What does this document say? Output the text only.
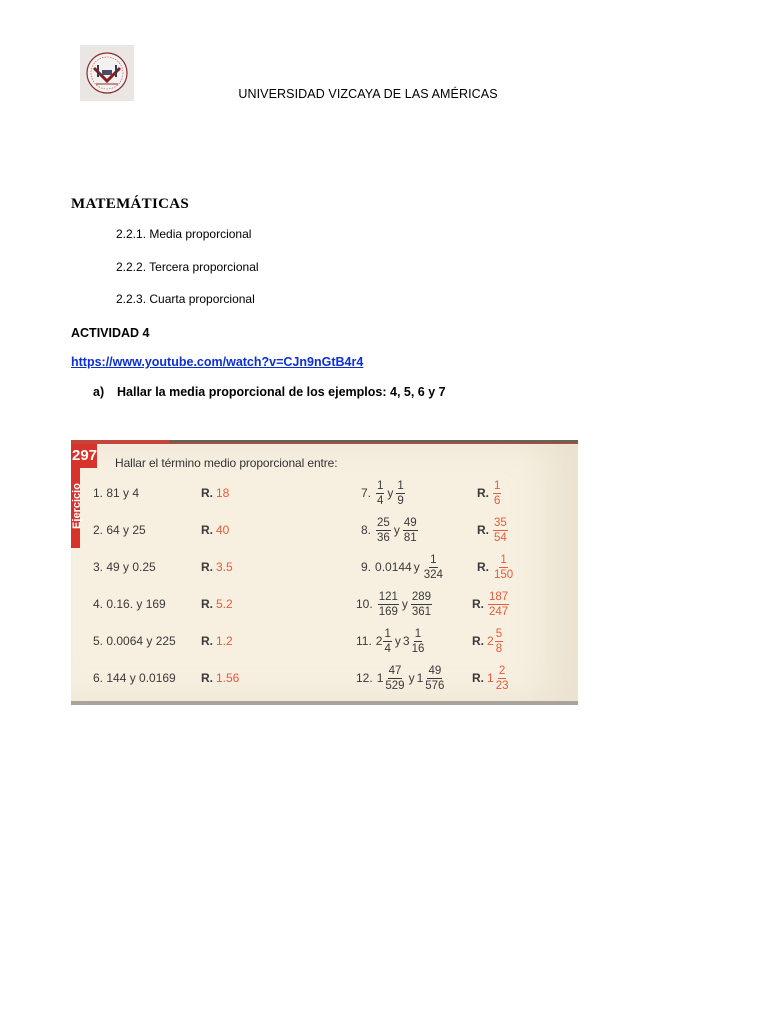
UNIVERSIDAD VIZCAYA DE LAS AMÉRICAS
MATEMÁTICAS
2.2.1. Media proporcional
2.2.2. Tercera proporcional
2.2.3. Cuarta proporcional
ACTIVIDAD 4
https://www.youtube.com/watch?v=CJn9nGtB4r4
a) Hallar la media proporcional de los ejemplos: 4, 5, 6 y 7
297
Ejercicio
Hallar el término medio proporcional entre:
1. 81 y 4	R. 18
2. 64 y 25	R. 40
3. 49 y 0.25	R. 3.5
4. 0.16. y 169	R. 5.2
5. 0.0064 y 225	R. 1.2
6. 144 y 0.0169	R. 1.56
7. $\frac{1}{4}$ y $\frac{1}{9}$	R. $\frac{1}{6}$
8. $\frac{25}{36}$ y $\frac{49}{81}$	R. $\frac{35}{54}$
9. 0.0144 y $\frac{1}{324}$	R. $\frac{1}{150}$
10. $\frac{121}{169}$ y $\frac{289}{361}$	R. $\frac{187}{247}$
11. $2 \frac{1}{4}$ y $3 \frac{1}{16}$	R. $2 \frac{5}{8}$
12. $1 \frac{47}{529}$ y $1 \frac{49}{576} R$. $1 \frac{2}{23}$
